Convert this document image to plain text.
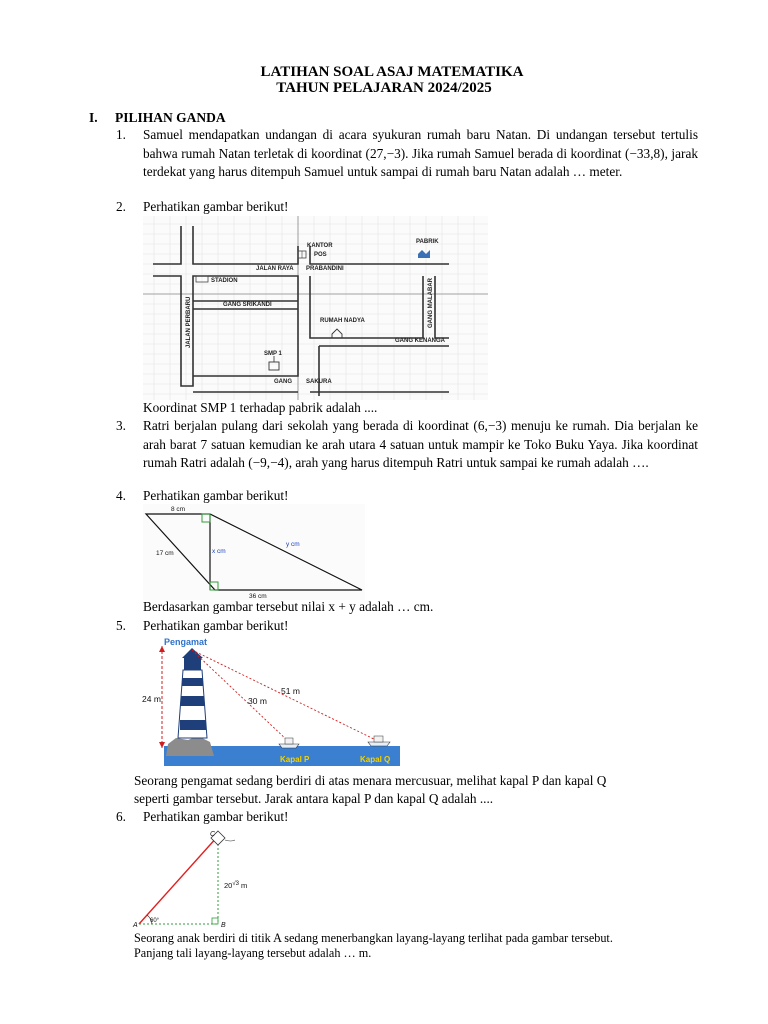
LATIHAN SOAL ASAJ MATEMATIKA
TAHUN PELAJARAN 2024/2025
I. PILIHAN GANDA
1.	Samuel mendapatkan undangan di acara syukuran rumah baru Natan. Di undangan tersebut tertulis bahwa rumah Natan terletak di koordinat (27,−3). Jika rumah Samuel berada di koordinat (−33,8), jarak terdekat yang harus ditempuh Samuel untuk sampai di rumah baru Natan adalah … meter.
2.	Perhatikan gambar berikut!
KANTOR
POS
PABRIK
JALAN RAYA PRABANDINI
STADION
GANG SRIKANDI
JALAN PERBARU	RUMAH NADYA	GANG MALABAR
GANG KENANGA
SMP 1
GANG SAKURA
Koordinat SMP 1 terhadap pabrik adalah ....
3.	Ratri berjalan pulang dari sekolah yang berada di koordinat (6,−3) menuju ke rumah. Dia berjalan ke arah barat 7 satuan kemudian ke arah utara 4 satuan untuk mampir ke Toko Buku Yaya. Jika koordinat rumah Ratri adalah (−9,−4), arah yang harus ditempuh Ratri untuk sampai ke rumah adalah ….
4.	Perhatikan gambar berikut!
8 cm
17 cm	x cm
y cm
36 cm
Berdasarkan gambar tersebut nilai x + y adalah … cm.
5.	Perhatikan gambar berikut!
Pengamat
24 m
51 m
30 m
Kapal P	Kapal Q
Seorang pengamat sedang berdiri di atas menara mercusuar, melihat kapal P dan kapal Q
seperti gambar tersebut. Jarak antara kapal P dan kapal Q adalah ....
6.	Perhatikan gambar berikut!
C
A	B
$20^{√3}$ m
60°
Seorang anak berdiri di titik A sedang menerbangkan layang-layang terlihat pada gambar tersebut.
Panjang tali layang-layang tersebut adalah … m.
